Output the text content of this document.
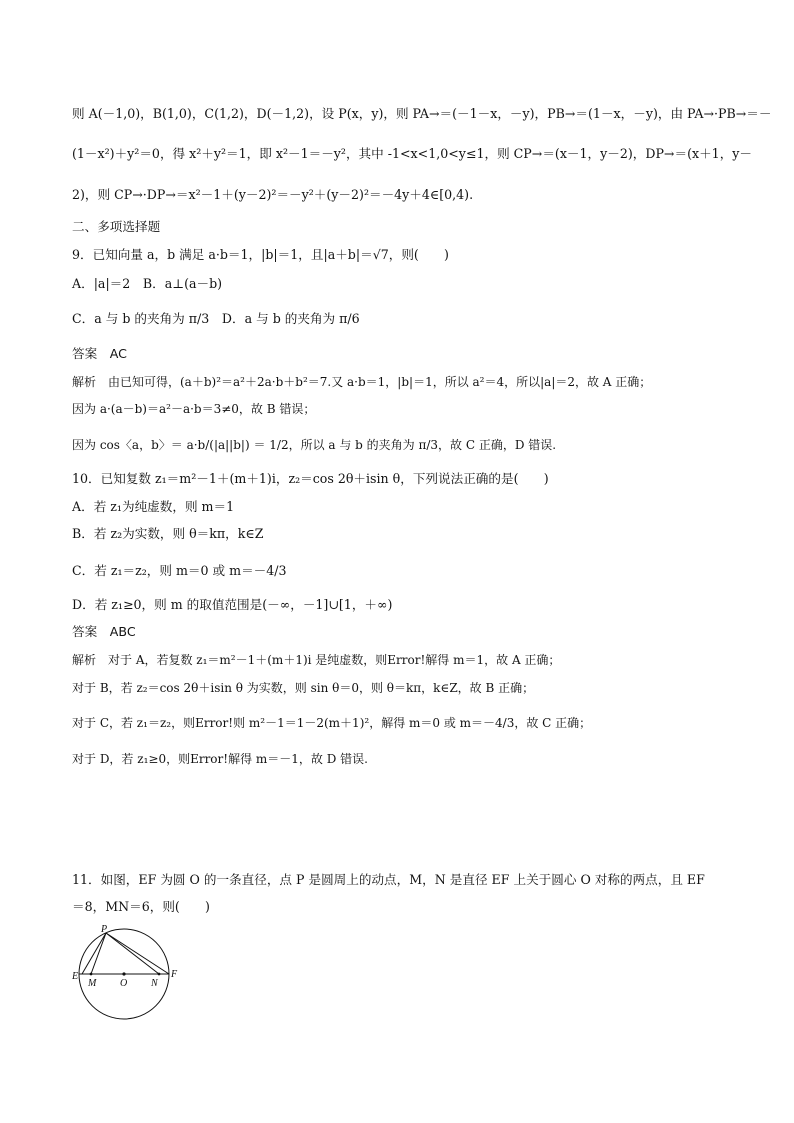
则 A(－1,0)，B(1,0)，C(1,2)，D(－1,2)，设 P(x，y)，则 PA→＝(－1－x，－y)，PB→＝(1－x，－y)，由 PA→·PB→＝－
(1－x²)＋y²＝0，得 x²＋y²＝1，即 x²－1＝－y²，其中 -1<x<1,0<y≤1，则 CP→＝(x－1，y－2)，DP→＝(x＋1，y－
2)，则 CP→·DP→＝x²－1＋(y－2)²＝－y²＋(y－2)²＝－4y＋4∈[0,4).
二、多项选择题
9．已知向量 a，b 满足 a·b＝1，|b|＝1，且|a＋b|＝√7，则(　　)
A．|a|＝2　B．a⊥(a－b)
C．a 与 b 的夹角为 π/3　D．a 与 b 的夹角为 π/6
答案　AC
解析　由已知可得，(a＋b)²＝a²＋2a·b＋b²＝7.又 a·b＝1，|b|＝1，所以 a²＝4，所以|a|＝2，故 A 正确；
因为 a·(a－b)＝a²－a·b＝3≠0，故 B 错误；
因为 cos〈a，b〉＝ a·b/(|a||b|) ＝ 1/2，所以 a 与 b 的夹角为 π/3，故 C 正确，D 错误.
10．已知复数 z₁＝m²－1＋(m＋1)i，z₂＝cos 2θ＋isin θ，下列说法正确的是(　　)
A．若 z₁为纯虚数，则 m＝1
B．若 z₂为实数，则 θ＝kπ，k∈Z
C．若 z₁＝z₂，则 m＝0 或 m＝－4/3
D．若 z₁≥0，则 m 的取值范围是(－∞，－1]∪[1，＋∞)
答案　ABC
解析　对于 A，若复数 z₁＝m²－1＋(m＋1)i 是纯虚数，则Error!解得 m＝1，故 A 正确；
对于 B，若 z₂＝cos 2θ＋isin θ 为实数，则 sin θ＝0，则 θ＝kπ，k∈Z，故 B 正确；
对于 C，若 z₁＝z₂，则Error!则 m²－1＝1－2(m＋1)²，解得 m＝0 或 m＝－4/3，故 C 正确；
对于 D，若 z₁≥0，则Error!解得 m＝－1，故 D 错误.
11．如图，EF 为圆 O 的一条直径，点 P 是圆周上的动点，M，N 是直径 EF 上关于圆心 O 对称的两点，且 EF
＝8，MN＝6，则(　　)
P
E
M O N
F
